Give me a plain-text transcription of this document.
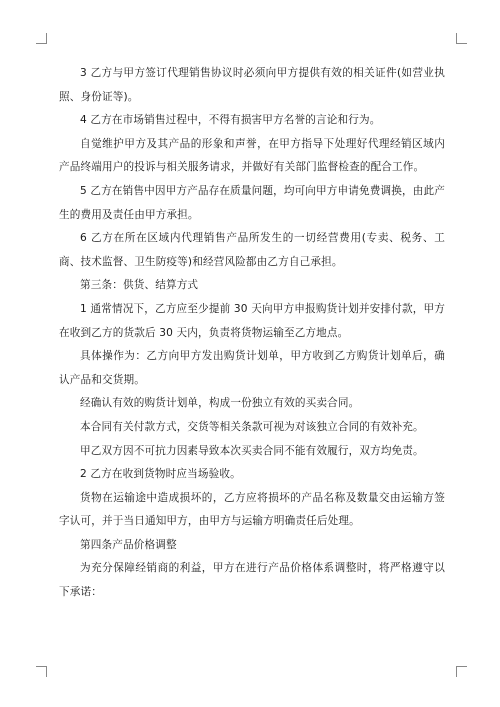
3 乙方与甲方签订代理销售协议时必须向甲方提供有效的相关证件(如营业执照、身份证等)。

4 乙方在市场销售过程中，不得有损害甲方名誉的言论和行为。

自觉维护甲方及其产品的形象和声誉，在甲方指导下处理好代理经销区域内产品终端用户的投诉与相关服务请求，并做好有关部门监督检查的配合工作。

5 乙方在销售中因甲方产品存在质量问题，均可向甲方申请免费调换，由此产生的费用及责任由甲方承担。

6 乙方在所在区域内代理销售产品所发生的一切经营费用(专卖、税务、工商、技术监督、卫生防疫等)和经营风险都由乙方自己承担。

第三条：供货、结算方式

1 通常情况下，乙方应至少提前 30 天向甲方申报购货计划并安排付款，甲方在收到乙方的货款后 30 天内，负责将货物运输至乙方地点。

具体操作为：乙方向甲方发出购货计划单，甲方收到乙方购货计划单后，确认产品和交货期。

经确认有效的购货计划单，构成一份独立有效的买卖合同。

本合同有关付款方式，交货等相关条款可视为对该独立合同的有效补充。

甲乙双方因不可抗力因素导致本次买卖合同不能有效履行，双方均免责。

2 乙方在收到货物时应当场验收。

货物在运输途中造成损坏的，乙方应将损坏的产品名称及数量交由运输方签字认可，并于当日通知甲方，由甲方与运输方明确责任后处理。

第四条产品价格调整

为充分保障经销商的利益，甲方在进行产品价格体系调整时，将严格遵守以下承诺：
